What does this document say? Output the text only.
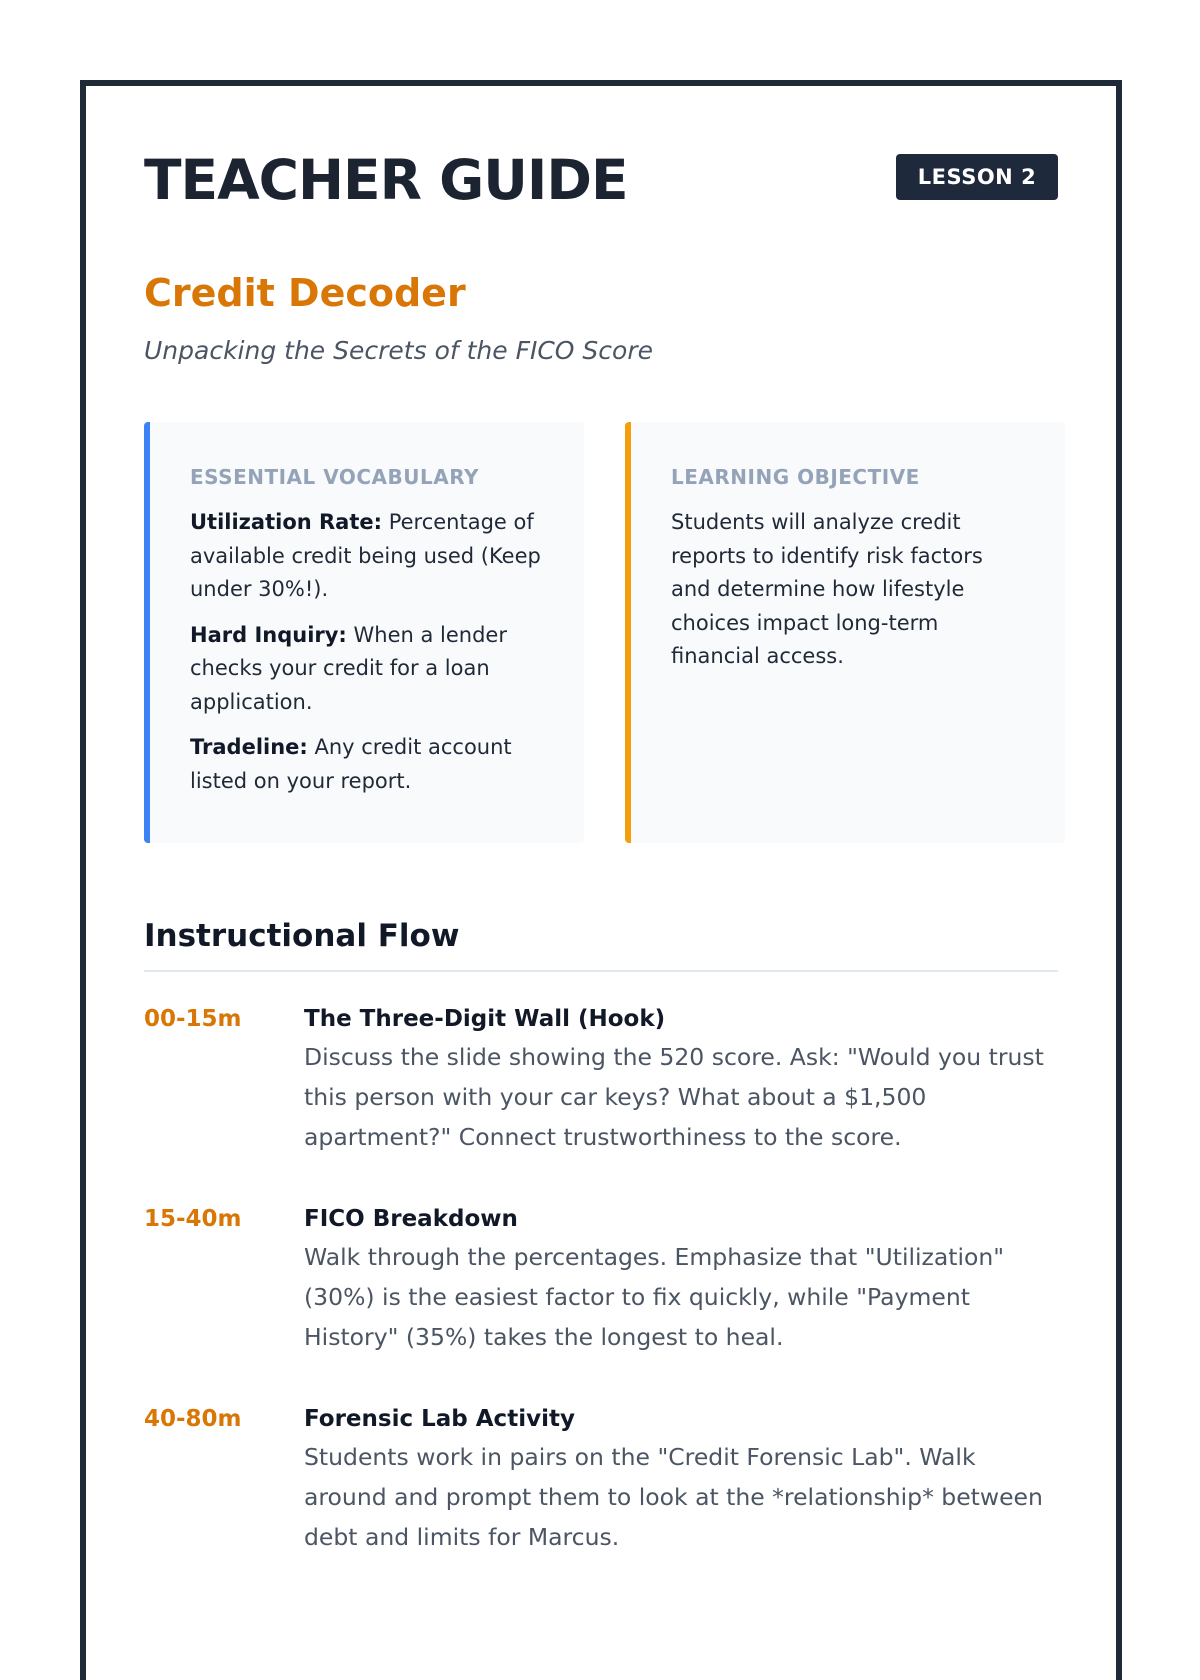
TEACHER GUIDE	LESSON 2
Credit Decoder

Unpacking the Secrets of the FICO Score

ESSENTIAL VOCABULARY
Utilization Rate: Percentage of available credit being used (Keep under 30%!).
Hard Inquiry: When a lender checks your credit for a loan application.
Tradeline: Any credit account listed on your report.
LEARNING OBJECTIVE
Students will analyze credit reports to identify risk factors and determine how lifestyle choices impact long-term financial access.
Instructional Flow
00-15m	The Three-Digit Wall (Hook)
Discuss the slide showing the 520 score. Ask: "Would you trust this person with your car keys? What about a $1,500 apartment?" Connect trustworthiness to the score.
15-40m	FICO Breakdown
Walk through the percentages. Emphasize that "Utilization" (30%) is the easiest factor to fix quickly, while "Payment History" (35%) takes the longest to heal.
40-80m	Forensic Lab Activity
Students work in pairs on the "Credit Forensic Lab". Walk around and prompt them to look at the *relationship* between debt and limits for Marcus.
